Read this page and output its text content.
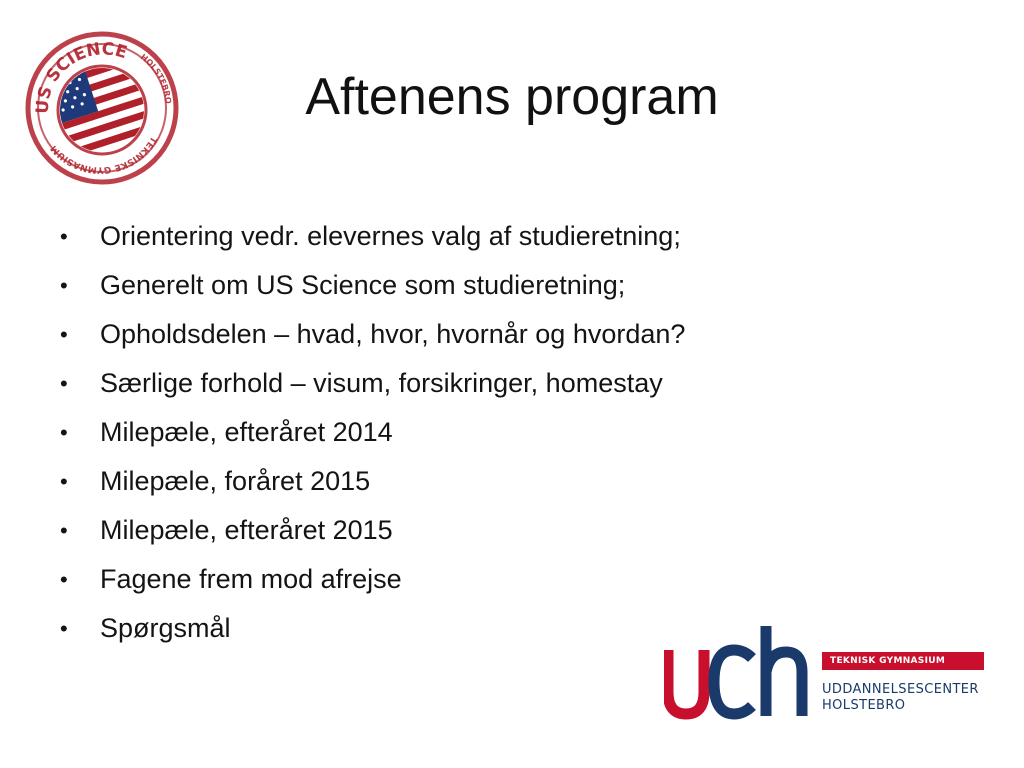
US SCIENCE HOLSTEBRO
TEKNISKE GYMNASIUM
Aftenens program
• Orientering vedr. elevernes valg af studieretning;
• Generelt om US Science som studieretning;
• Opholdsdelen – hvad, hvor, hvornår og hvordan?
• Særlige forhold – visum, forsikringer, homestay
• Milepæle, efteråret 2014
• Milepæle, foråret 2015
• Milepæle, efteråret 2015
• Fagene frem mod afrejse
• Spørgsmål
TEKNISK GYMNASIUM
UDDANNELSESCENTER
HOLSTEBRO
